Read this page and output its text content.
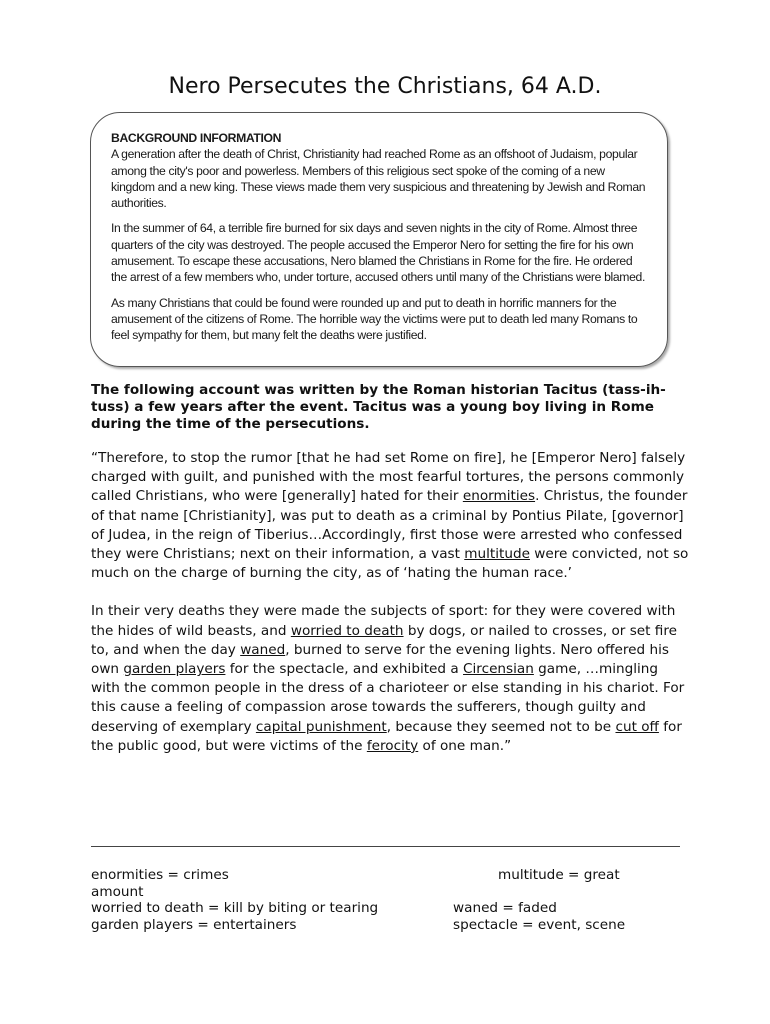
Nero Persecutes the Christians, 64 A.D.
BACKGROUND INFORMATION

A generation after the death of Christ, Christianity had reached Rome as an offshoot of Judaism, popular among the city's poor and powerless. Members of this religious sect spoke of the coming of a new kingdom and a new king. These views made them very suspicious and threatening by Jewish and Roman authorities.

In the summer of 64, a terrible fire burned for six days and seven nights in the city of Rome. Almost three quarters of the city was destroyed. The people accused the Emperor Nero for setting the fire for his own amusement. To escape these accusations, Nero blamed the Christians in Rome for the fire. He ordered the arrest of a few members who, under torture, accused others until many of the Christians were blamed.

As many Christians that could be found were rounded up and put to death in horrific manners for the amusement of the citizens of Rome. The horrible way the victims were put to death led many Romans to feel sympathy for them, but many felt the deaths were justified.

The following account was written by the Roman historian Tacitus (tass-ih-tuss) a few years after the event. Tacitus was a young boy living in Rome during the time of the persecutions.

“Therefore, to stop the rumor [that he had set Rome on fire], he [Emperor Nero] falsely charged with guilt, and punished with the most fearful tortures, the persons commonly called Christians, who were [generally] hated for their enormities. Christus, the founder of that name [Christianity], was put to death as a criminal by Pontius Pilate, [governor] of Judea, in the reign of Tiberius…Accordingly, first those were arrested who confessed they were Christians; next on their information, a vast multitude were convicted, not so much on the charge of burning the city, as of ‘hating the human race.’

In their very deaths they were made the subjects of sport: for they were covered with the hides of wild beasts, and worried to death by dogs, or nailed to crosses, or set fire to, and when the day waned, burned to serve for the evening lights. Nero offered his own garden players for the spectacle, and exhibited a Circensian game, …mingling with the common people in the dress of a charioteer or else standing in his chariot. For this cause a feeling of compassion arose towards the sufferers, though guilty and deserving of exemplary capital punishment, because they seemed not to be cut off for the public good, but were victims of the ferocity of one man.”

enormities = crimes	multitude = great
amount
worried to death = kill by biting or tearing	waned = faded
garden players = entertainers	spectacle = event, scene
